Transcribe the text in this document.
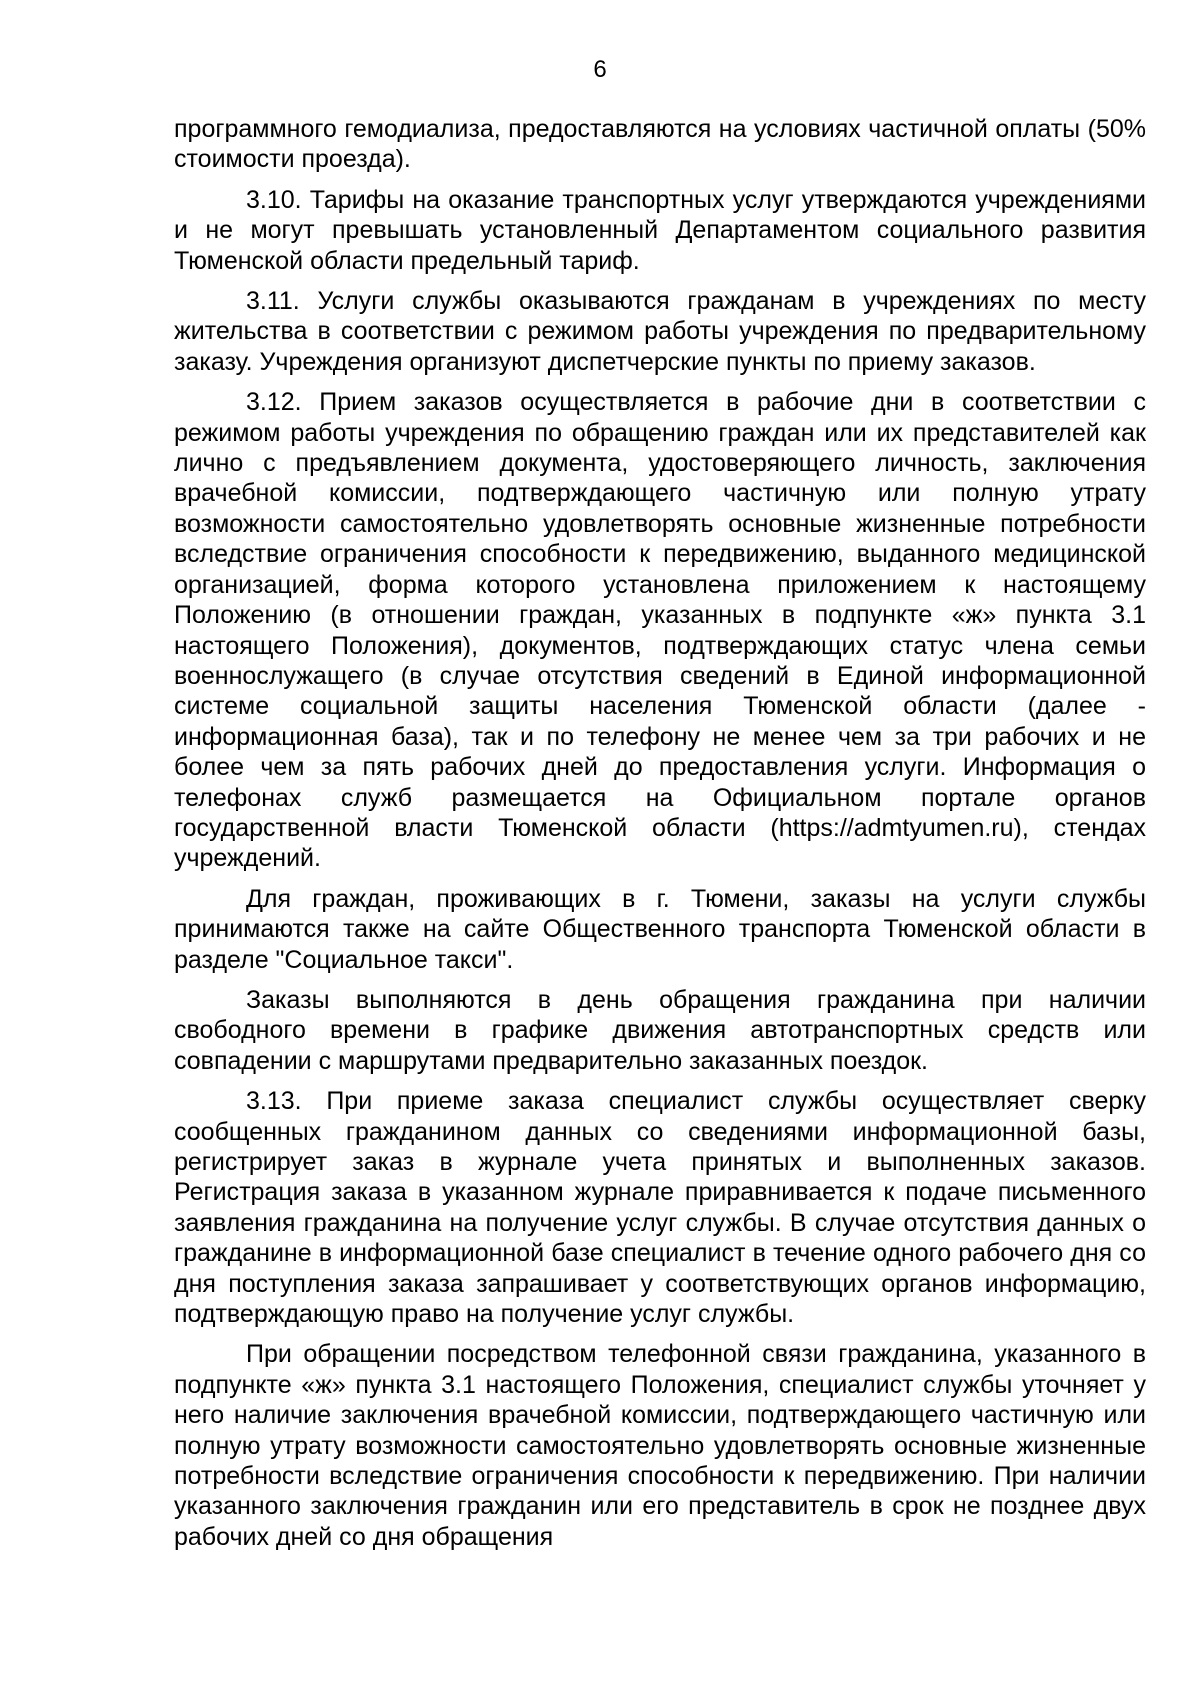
6

программного гемодиализа, предоставляются на условиях частичной оплаты (50% стоимости проезда).

3.10. Тарифы на оказание транспортных услуг утверждаются учреждениями и не могут превышать установленный Департаментом социального развития Тюменской области предельный тариф.

3.11. Услуги службы оказываются гражданам в учреждениях по месту жительства в соответствии с режимом работы учреждения по предварительному заказу. Учреждения организуют диспетчерские пункты по приему заказов.

3.12. Прием заказов осуществляется в рабочие дни в соответствии с режимом работы учреждения по обращению граждан или их представителей как лично с предъявлением документа, удостоверяющего личность, заключения врачебной комиссии, подтверждающего частичную или полную утрату возможности самостоятельно удовлетворять основные жизненные потребности вследствие ограничения способности к передвижению, выданного медицинской организацией, форма которого установлена приложением к настоящему Положению (в отношении граждан, указанных в подпункте «ж» пункта 3.1 настоящего Положения), документов, подтверждающих статус члена семьи военнослужащего (в случае отсутствия сведений в Единой информационной системе социальной защиты населения Тюменской области (далее - информационная база), так и по телефону не менее чем за три рабочих и не более чем за пять рабочих дней до предоставления услуги. Информация о телефонах служб размещается на Официальном портале органов государственной власти Тюменской области (https://admtyumen.ru), стендах учреждений.

Для граждан, проживающих в г. Тюмени, заказы на услуги службы принимаются также на сайте Общественного транспорта Тюменской области в разделе "Социальное такси".

Заказы выполняются в день обращения гражданина при наличии свободного времени в графике движения автотранспортных средств или совпадении с маршрутами предварительно заказанных поездок.

3.13. При приеме заказа специалист службы осуществляет сверку сообщенных гражданином данных со сведениями информационной базы, регистрирует заказ в журнале учета принятых и выполненных заказов. Регистрация заказа в указанном журнале приравнивается к подаче письменного заявления гражданина на получение услуг службы. В случае отсутствия данных о гражданине в информационной базе специалист в течение одного рабочего дня со дня поступления заказа запрашивает у соответствующих органов информацию, подтверждающую право на получение услуг службы.

При обращении посредством телефонной связи гражданина, указанного в подпункте «ж» пункта 3.1 настоящего Положения, специалист службы уточняет у него наличие заключения врачебной комиссии, подтверждающего частичную или полную утрату возможности самостоятельно удовлетворять основные жизненные потребности вследствие ограничения способности к передвижению. При наличии указанного заключения гражданин или его представитель в срок не позднее двух рабочих дней со дня обращения
